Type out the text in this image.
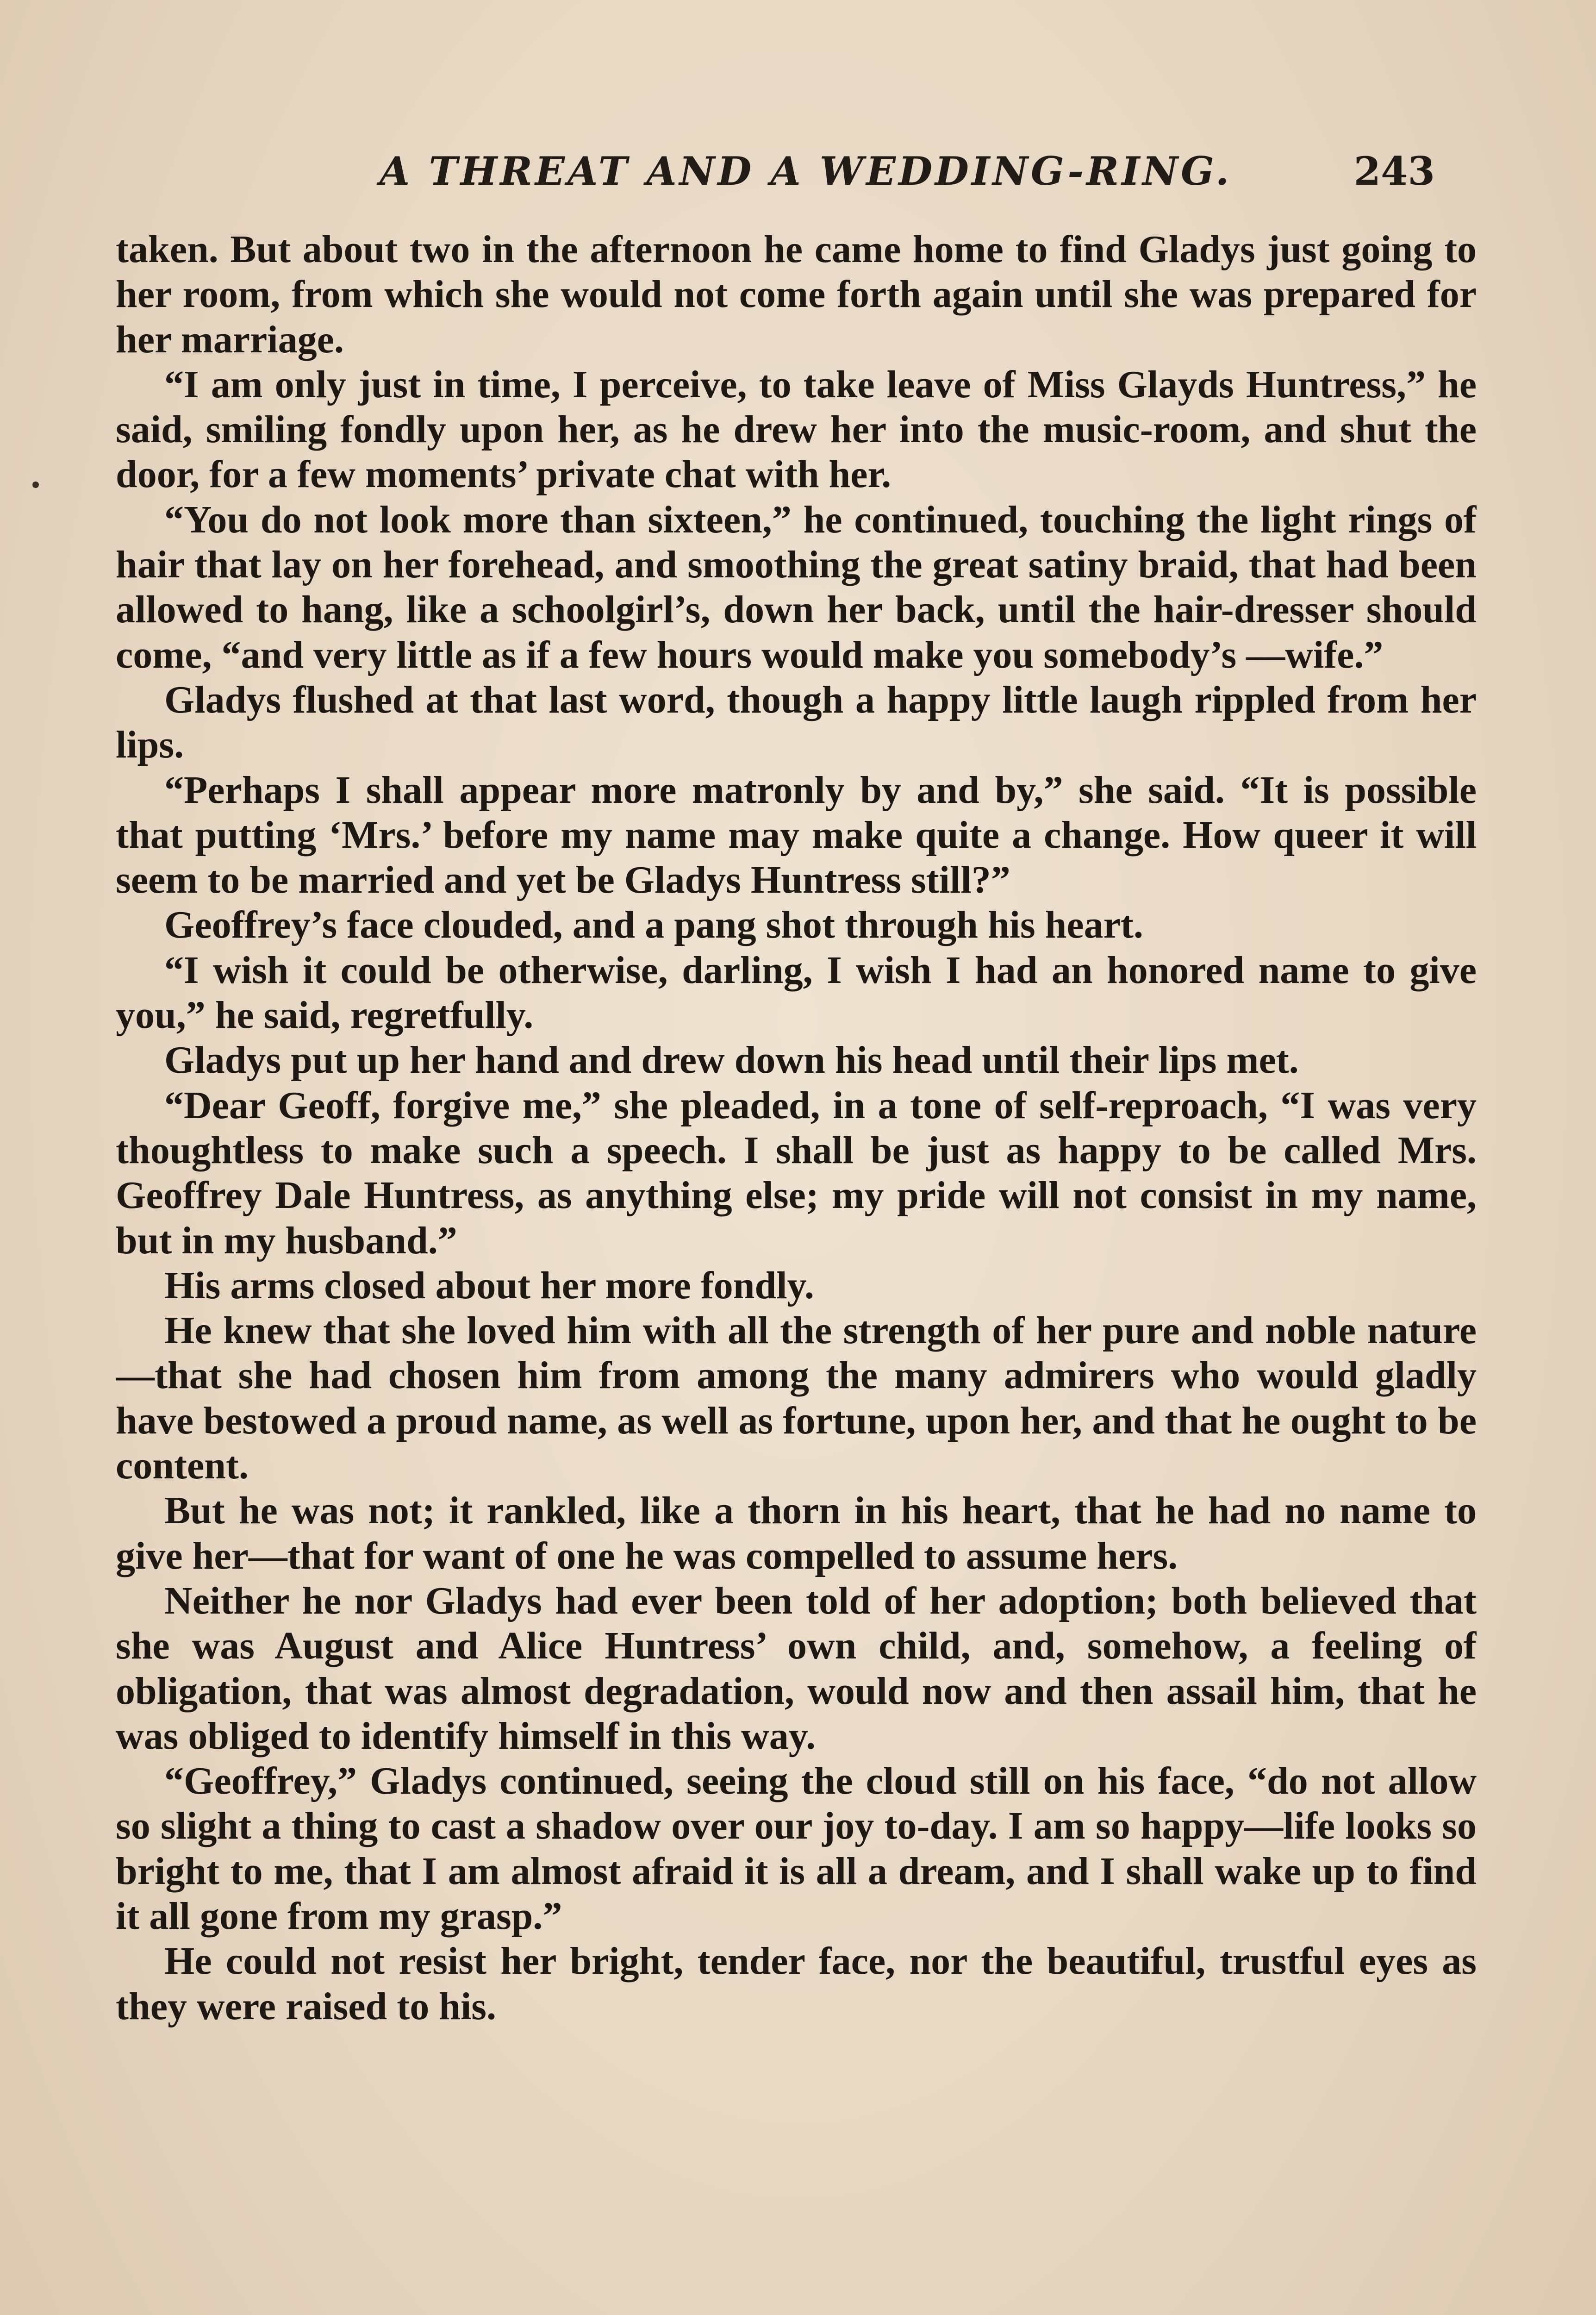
A THREAT AND A WEDDING-RING.	243

taken. But about two in the afternoon he came home to find Gladys just going to her room, from which she would not come forth again until she was prepared for her marriage.

“I am only just in time, I perceive, to take leave of Miss Glayds Huntress,” he said, smiling fondly upon her, as he drew her into the music-room, and shut the door, for a few moments’ private chat with her.

“You do not look more than sixteen,” he continued, touching the light rings of hair that lay on her forehead, and smoothing the great satiny braid, that had been allowed to hang, like a schoolgirl’s, down her back, until the hair-dresser should come, “and very little as if a few hours would make you somebody’s —wife.”

Gladys flushed at that last word, though a happy little laugh rippled from her lips.

“Perhaps I shall appear more matronly by and by,” she said. “It is possible that putting ‘Mrs.’ before my name may make quite a change. How queer it will seem to be married and yet be Gladys Huntress still?”

Geoffrey’s face clouded, and a pang shot through his heart.

“I wish it could be otherwise, darling, I wish I had an honored name to give you,” he said, regretfully.

Gladys put up her hand and drew down his head until their lips met.

“Dear Geoff, forgive me,” she pleaded, in a tone of self-reproach, “I was very thoughtless to make such a speech. I shall be just as happy to be called Mrs. Geoffrey Dale Huntress, as anything else; my pride will not consist in my name, but in my husband.”

His arms closed about her more fondly.

He knew that she loved him with all the strength of her pure and noble nature—that she had chosen him from among the many admirers who would gladly have bestowed a proud name, as well as fortune, upon her, and that he ought to be content.

But he was not; it rankled, like a thorn in his heart, that he had no name to give her—that for want of one he was compelled to assume hers.

Neither he nor Gladys had ever been told of her adoption; both believed that she was August and Alice Huntress’ own child, and, somehow, a feeling of obligation, that was almost degradation, would now and then assail him, that he was obliged to identify himself in this way.

“Geoffrey,” Gladys continued, seeing the cloud still on his face, “do not allow so slight a thing to cast a shadow over our joy to-day. I am so happy—life looks so bright to me, that I am almost afraid it is all a dream, and I shall wake up to find it all gone from my grasp.”

He could not resist her bright, tender face, nor the beautiful, trustful eyes as they were raised to his.
